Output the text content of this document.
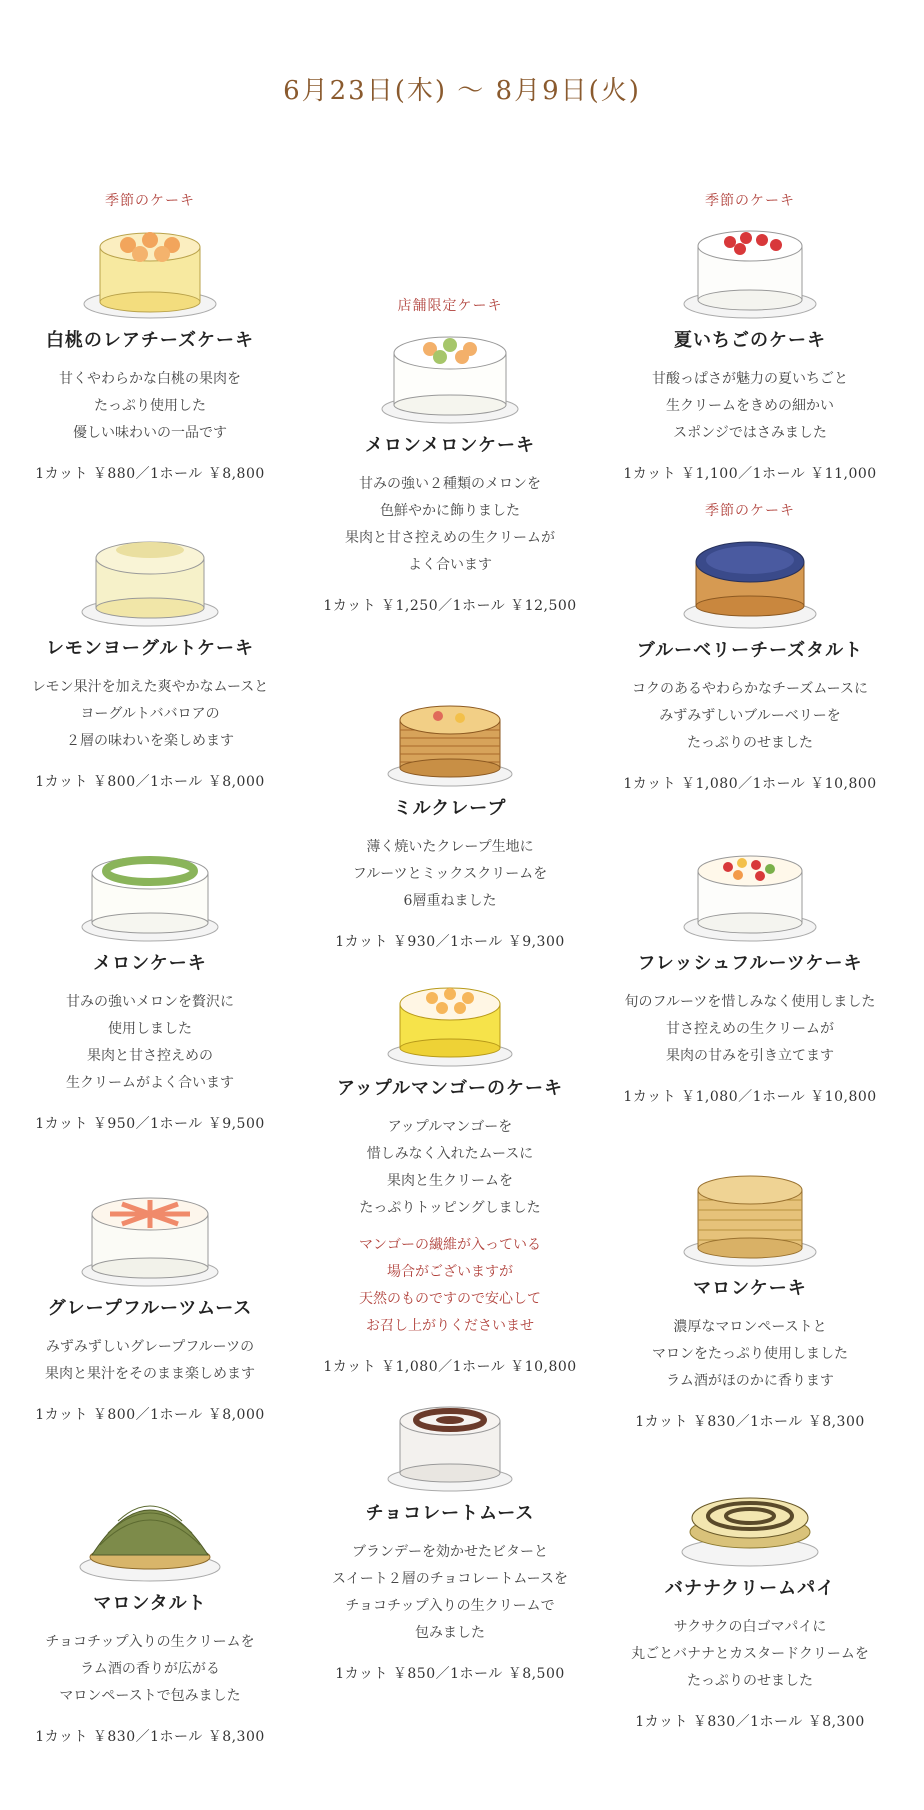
6月23日(木) 〜 8月9日(火)
季節のケーキ
白桃のレアチーズケーキ
甘くやわらかな白桃の果肉を
たっぷり使用した
優しい味わいの一品です
1カット ￥880／1ホール ￥8,800
レモンヨーグルトケーキ
レモン果汁を加えた爽やかなムースと
ヨーグルトババロアの
２層の味わいを楽しめます
1カット ￥800／1ホール ￥8,000
メロンケーキ
甘みの強いメロンを贅沢に
使用しました
果肉と甘さ控えめの
生クリームがよく合います
1カット ￥950／1ホール ￥9,500
グレープフルーツムース
みずみずしいグレープフルーツの
果肉と果汁をそのまま楽しめます
1カット ￥800／1ホール ￥8,000
マロンタルト
チョコチップ入りの生クリームを
ラム酒の香りが広がる
マロンペーストで包みました
1カット ￥830／1ホール ￥8,300
店舗限定ケーキ
メロンメロンケーキ
甘みの強い２種類のメロンを
色鮮やかに飾りました
果肉と甘さ控えめの生クリームが
よく合います
1カット ￥1,250／1ホール ￥12,500
ミルクレープ
薄く焼いたクレープ生地に
フルーツとミックスクリームを
6層重ねました
1カット ￥930／1ホール ￥9,300
アップルマンゴーのケーキ
アップルマンゴーを
惜しみなく入れたムースに
果肉と生クリームを
たっぷりトッピングしました
マンゴーの繊維が入っている
場合がございますが
天然のものですので安心して
お召し上がりくださいませ
1カット ￥1,080／1ホール ￥10,800
チョコレートムース
ブランデーを効かせたビターと
スイート２層のチョコレートムースを
チョコチップ入りの生クリームで
包みました
1カット ￥850／1ホール ￥8,500
季節のケーキ
夏いちごのケーキ
甘酸っぱさが魅力の夏いちごと
生クリームをきめの細かい
スポンジではさみました
1カット ￥1,100／1ホール ￥11,000
季節のケーキ
ブルーベリーチーズタルト
コクのあるやわらかなチーズムースに
みずみずしいブルーベリーを
たっぷりのせました
1カット ￥1,080／1ホール ￥10,800
フレッシュフルーツケーキ
旬のフルーツを惜しみなく使用しました
甘さ控えめの生クリームが
果肉の甘みを引き立てます
1カット ￥1,080／1ホール ￥10,800
マロンケーキ
濃厚なマロンペーストと
マロンをたっぷり使用しました
ラム酒がほのかに香ります
1カット ￥830／1ホール ￥8,300
バナナクリームパイ
サクサクの白ゴマパイに
丸ごとバナナとカスタードクリームを
たっぷりのせました
1カット ￥830／1ホール ￥8,300
